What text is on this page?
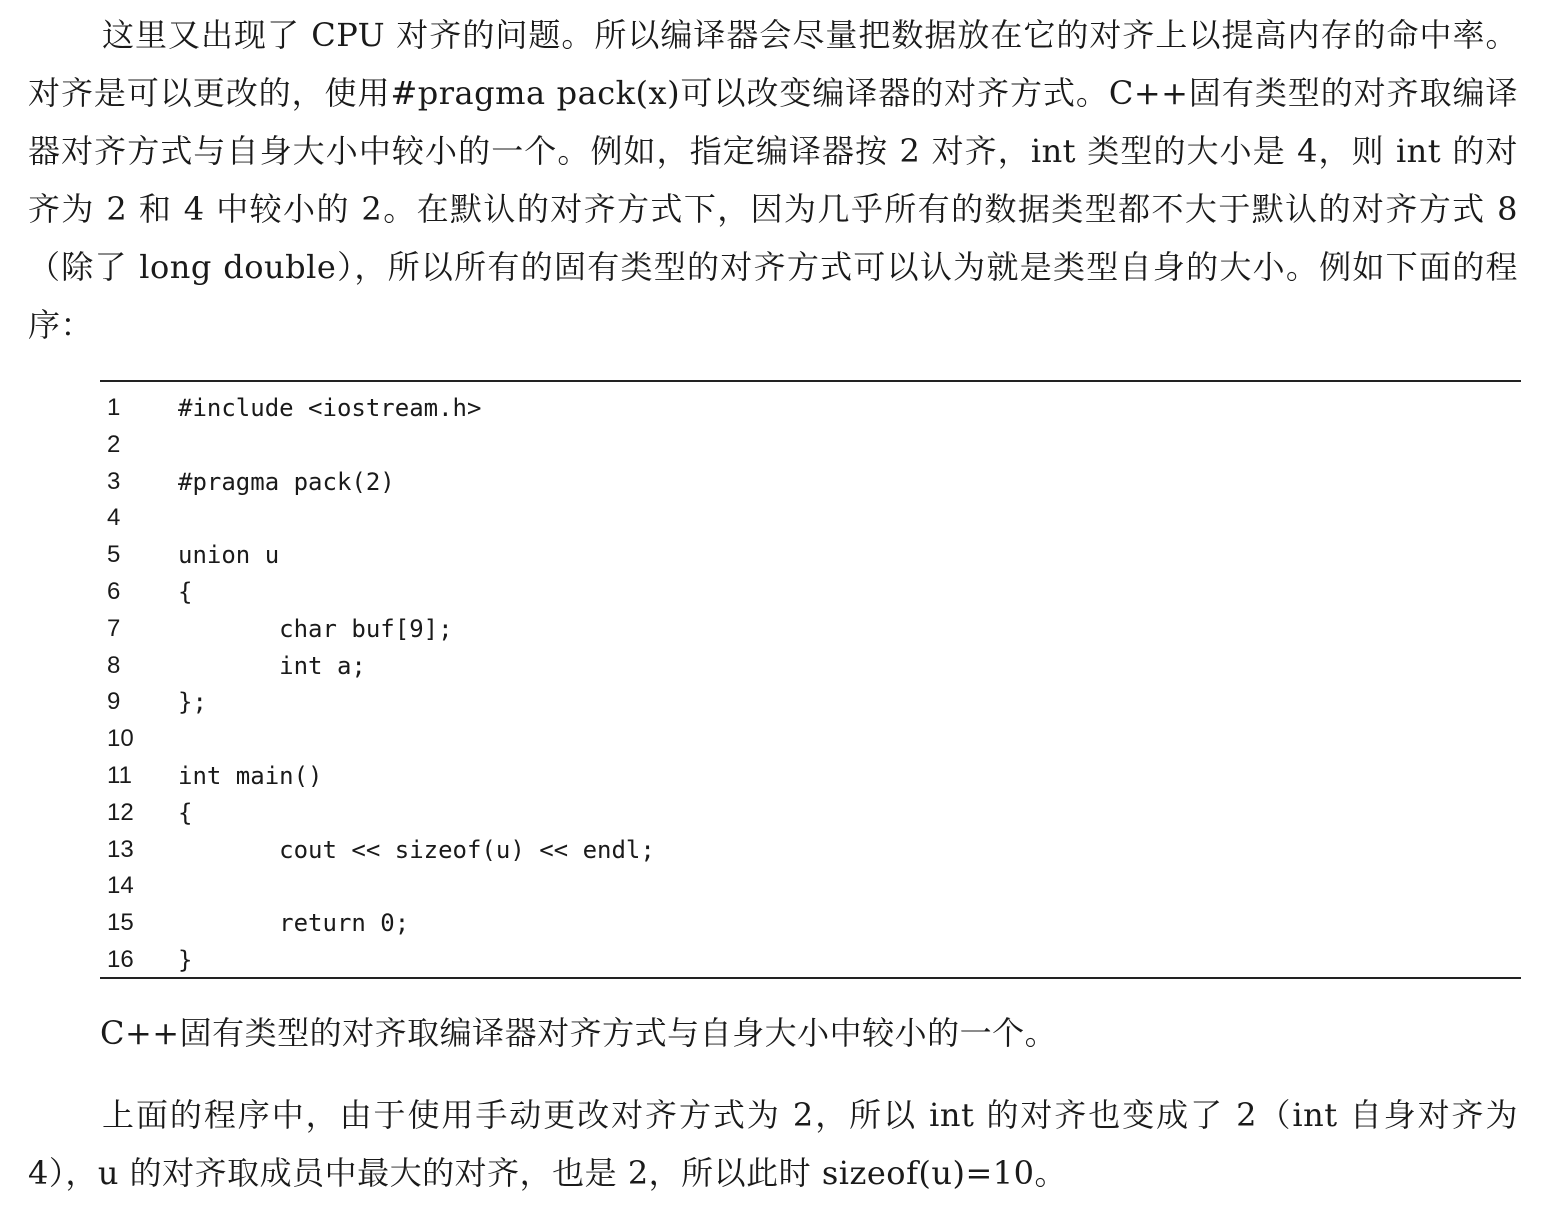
这里又出现了 CPU 对齐的问题。所以编译器会尽量把数据放在它的对齐上以提高内存的命中率。对齐是可以更改的，使用#pragma pack(x)可以改变编译器的对齐方式。C++固有类型的对齐取编译器对齐方式与自身大小中较小的一个。例如，指定编译器按 2 对齐，int 类型的大小是 4，则 int 的对齐为 2 和 4 中较小的 2。在默认的对齐方式下，因为几乎所有的数据类型都不大于默认的对齐方式 8（除了 long double），所以所有的固有类型的对齐方式可以认为就是类型自身的大小。例如下面的程序：

1	#include <iostream.h>
2
3	#pragma pack(2)
4
5	union u
6	{
7	char buf[9];
8	int a;
9	};
10
11	int main()
12	{
13	cout << sizeof(u) << endl;
14
15	return 0;
16	}

C++固有类型的对齐取编译器对齐方式与自身大小中较小的一个。

上面的程序中，由于使用手动更改对齐方式为 2，所以 int 的对齐也变成了 2（int 自身对齐为 4），u 的对齐取成员中最大的对齐，也是 2，所以此时 sizeof(u)=10。
